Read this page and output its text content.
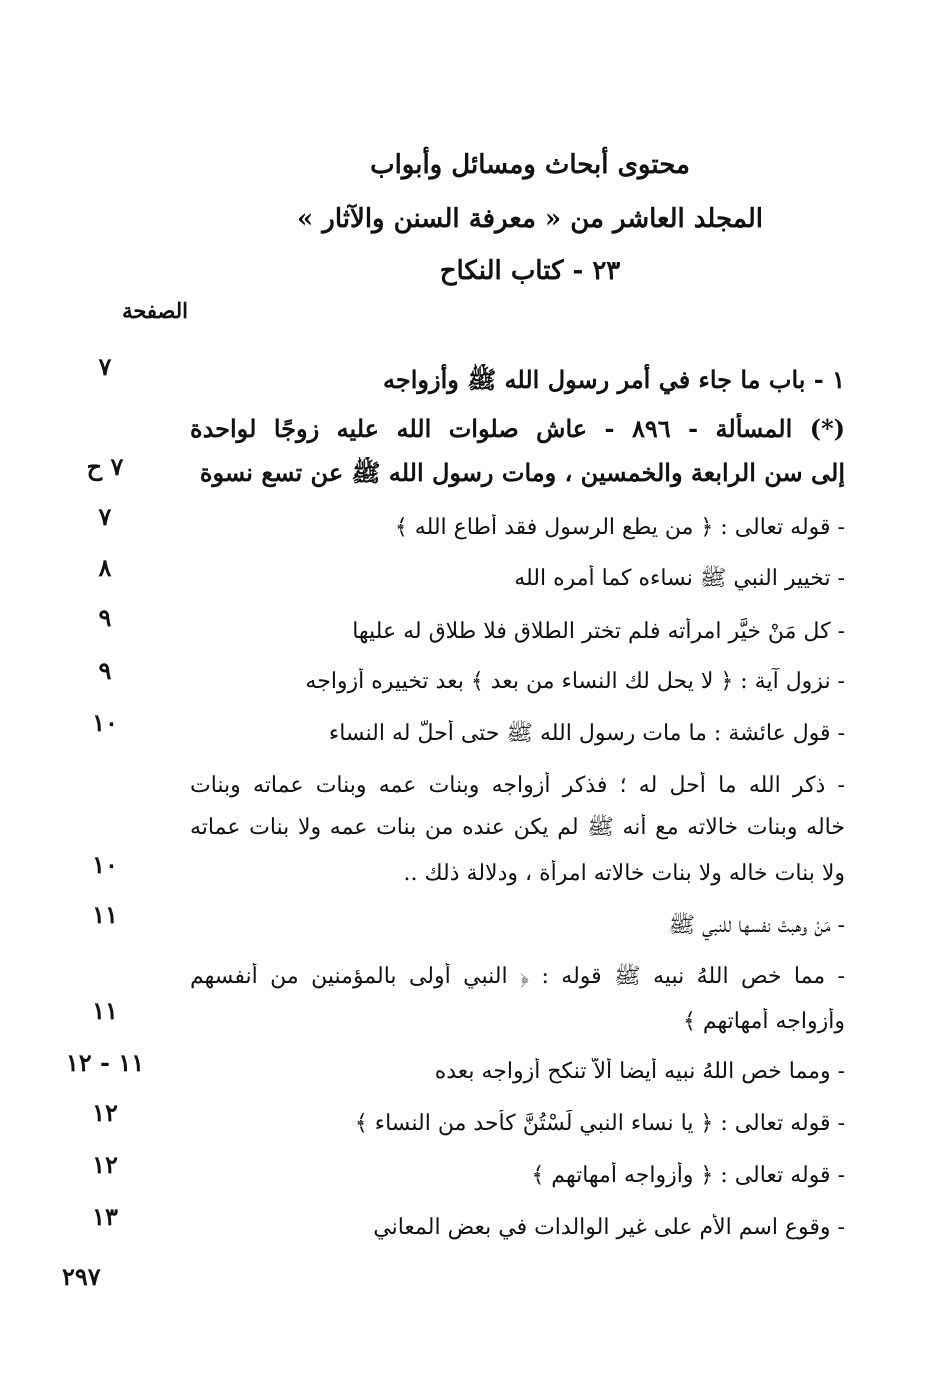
محتوى أبحاث ومسائل وأبواب
المجلد العاشر من « معرفة السنن والآثار »
٢٣ - كتاب النكاح
الصفحة
٧	١ - باب ما جاء في أمر رسول الله ﷺ وأزواجه
(*) المسألة - ٨٩٦ - عاش صلوات الله عليه زوجًا لواحدة
٧ ح	إلى سن الرابعة والخمسين ، ومات رسول الله ﷺ عن تسع نسوة
٧	- قوله تعالى : ﴿ من يطع الرسول فقد أطاع الله ﴾
٨	- تخيير النبي ﷺ نساءه كما أمره الله
٩	- كل مَنْ خيَّر امرأته فلم تختر الطلاق فلا طلاق له عليها
٩	- نزول آية : ﴿ لا يحل لك النساء من بعد ﴾ بعد تخييره أزواجه
١٠	- قول عائشة : ما مات رسول الله ﷺ حتى أحلّ له النساء
- ذكر الله ما أحل له ؛ فذكر أزواجه وبنات عمه وبنات عماته وبنات
خاله وبنات خالاته مع أنه ﷺ لم يكن عنده من بنات عمه ولا بنات عماته
١٠	ولا بنات خاله ولا بنات خالاته امرأة ، ودلالة ذلك ..
١١	- مَنْ وهبتْ نفسها للنبي ﷺ
- مما خص اللهُ نبيه ﷺ قوله : ﴿ النبي أولى بالمؤمنين من أنفسهم
١١	وأزواجه أمهاتهم ﴾
١١ - ١٢	- ومما خص اللهُ نبيه أيضا ألاّ تنكح أزواجه بعده
١٢	- قوله تعالى : ﴿ يا نساء النبي لَسْتُنَّ كأحد من النساء ﴾
١٢	- قوله تعالى : ﴿ وأزواجه أمهاتهم ﴾
١٣	- وقوع اسم الأم على غير الوالدات في بعض المعاني
٢٩٧
